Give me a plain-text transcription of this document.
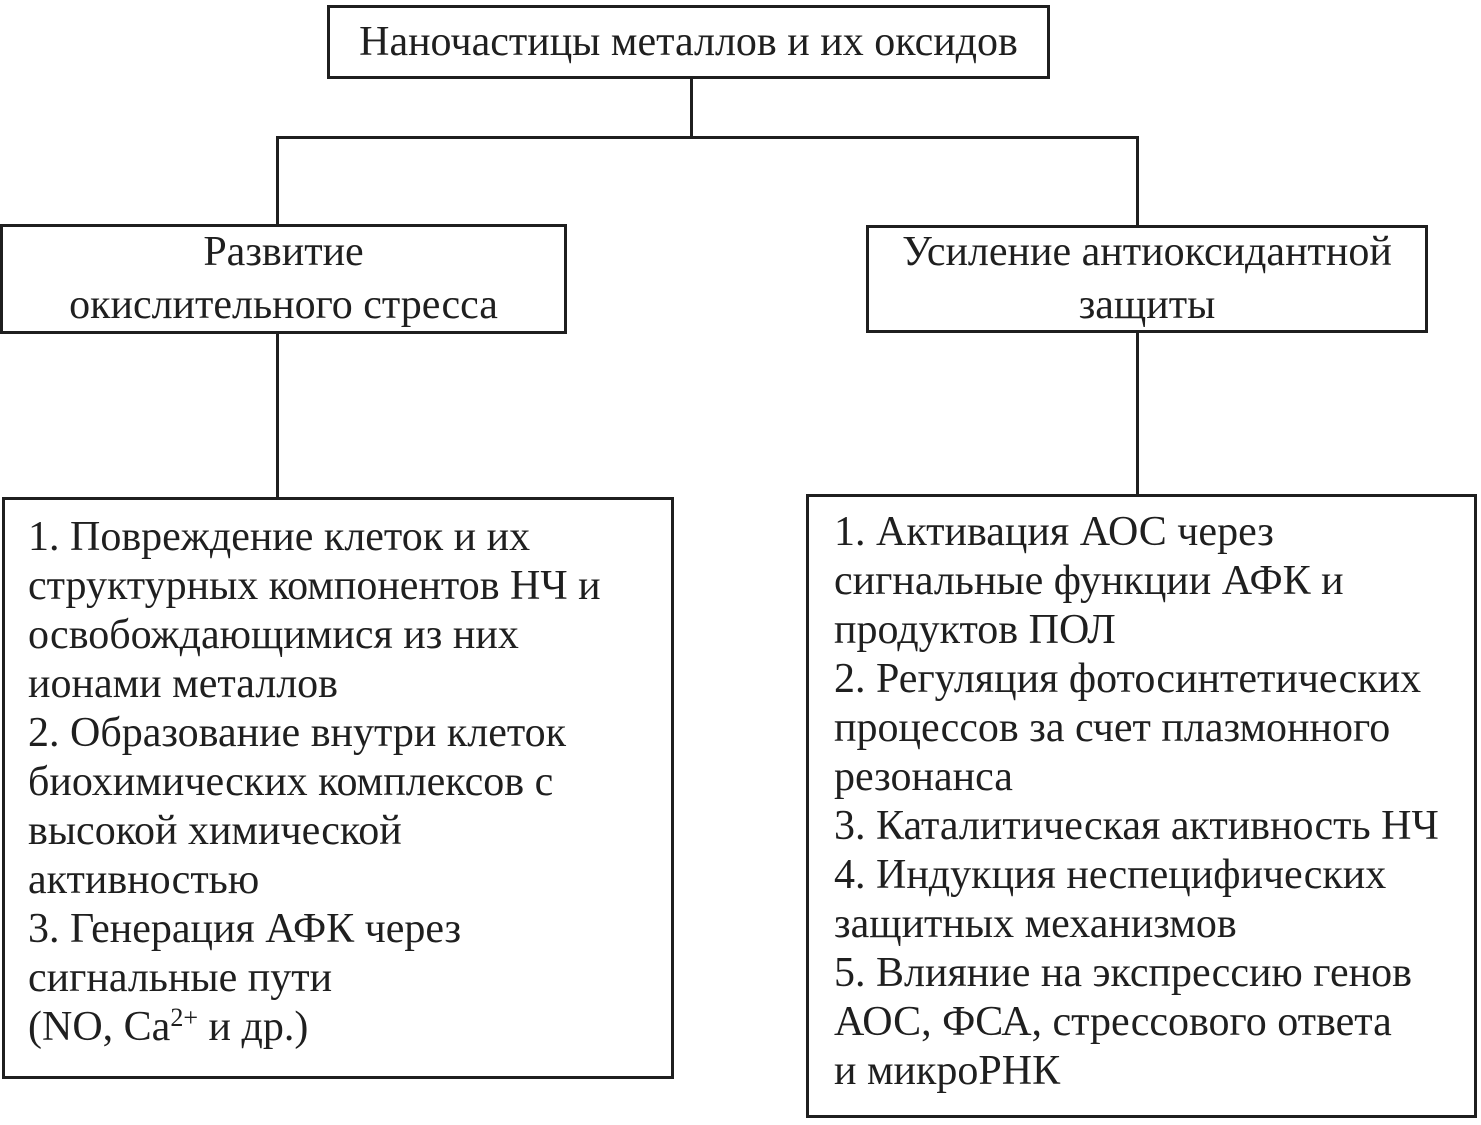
Наночастицы металлов и их оксидов
Развитие
окислительного стресса
Усиление антиоксидантной
защиты
1. Повреждение клеток и их
структурных компонентов НЧ и
освобождающимися из них
ионами металлов
2. Образование внутри клеток
биохимических комплексов с
высокой химической
активностью
3. Генерация АФК через
сигнальные пути
(NO, $Ca^{2+}$ и др.)
1. Активация АОС через
сигнальные функции АФК и
продуктов ПОЛ
2. Регуляция фотосинтетических
процессов за счет плазмонного
резонанса
3. Каталитическая активность НЧ
4. Индукция неспецифических
защитных механизмов
5. Влияние на экспрессию генов
АОС, ФСА, стрессового ответа
и микроРНК
